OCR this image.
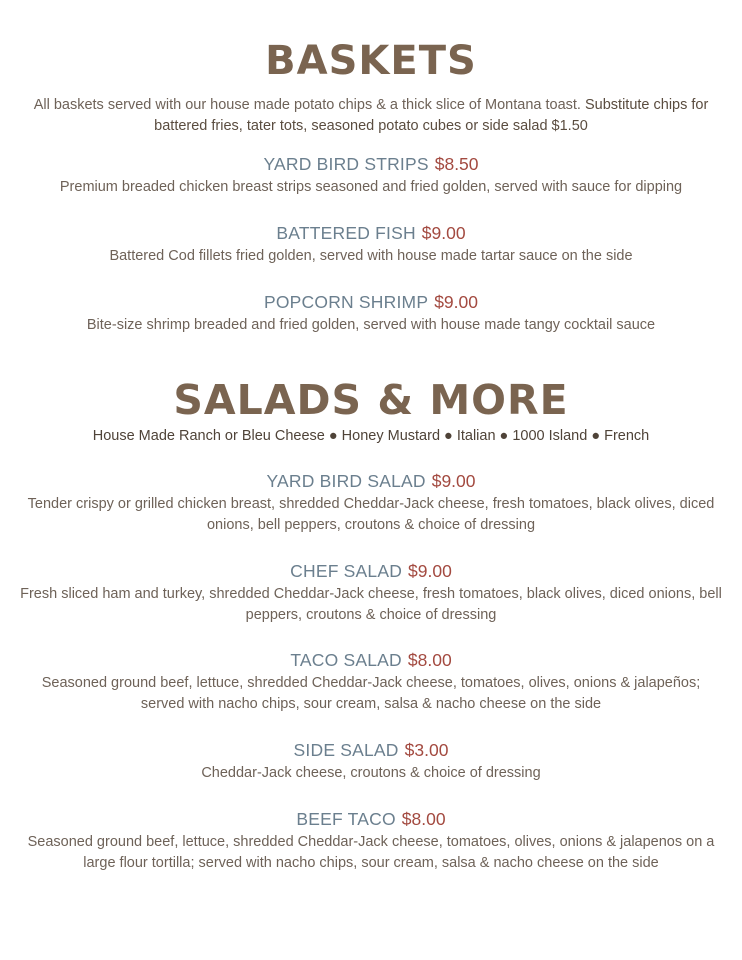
BASKETS
All baskets served with our house made potato chips & a thick slice of Montana toast. Substitute chips for battered fries, tater tots, seasoned potato cubes or side salad $1.50
YARD BIRD STRIPS $8.50
Premium breaded chicken breast strips seasoned and fried golden, served with sauce for dipping
BATTERED FISH $9.00
Battered Cod fillets fried golden, served with house made tartar sauce on the side
POPCORN SHRIMP $9.00
Bite-size shrimp breaded and fried golden, served with house made tangy cocktail sauce
SALADS & MORE
House Made Ranch or Bleu Cheese ● Honey Mustard ● Italian ● 1000 Island ● French
YARD BIRD SALAD $9.00
Tender crispy or grilled chicken breast, shredded Cheddar-Jack cheese, fresh tomatoes, black olives, diced onions, bell peppers, croutons & choice of dressing
CHEF SALAD $9.00
Fresh sliced ham and turkey, shredded Cheddar-Jack cheese, fresh tomatoes, black olives, diced onions, bell peppers, croutons & choice of dressing
TACO SALAD $8.00
Seasoned ground beef, lettuce, shredded Cheddar-Jack cheese, tomatoes, olives, onions & jalapeños; served with nacho chips, sour cream, salsa & nacho cheese on the side
SIDE SALAD $3.00
Cheddar-Jack cheese, croutons & choice of dressing
BEEF TACO $8.00
Seasoned ground beef, lettuce, shredded Cheddar-Jack cheese, tomatoes, olives, onions & jalapenos on a large flour tortilla; served with nacho chips, sour cream, salsa & nacho cheese on the side
